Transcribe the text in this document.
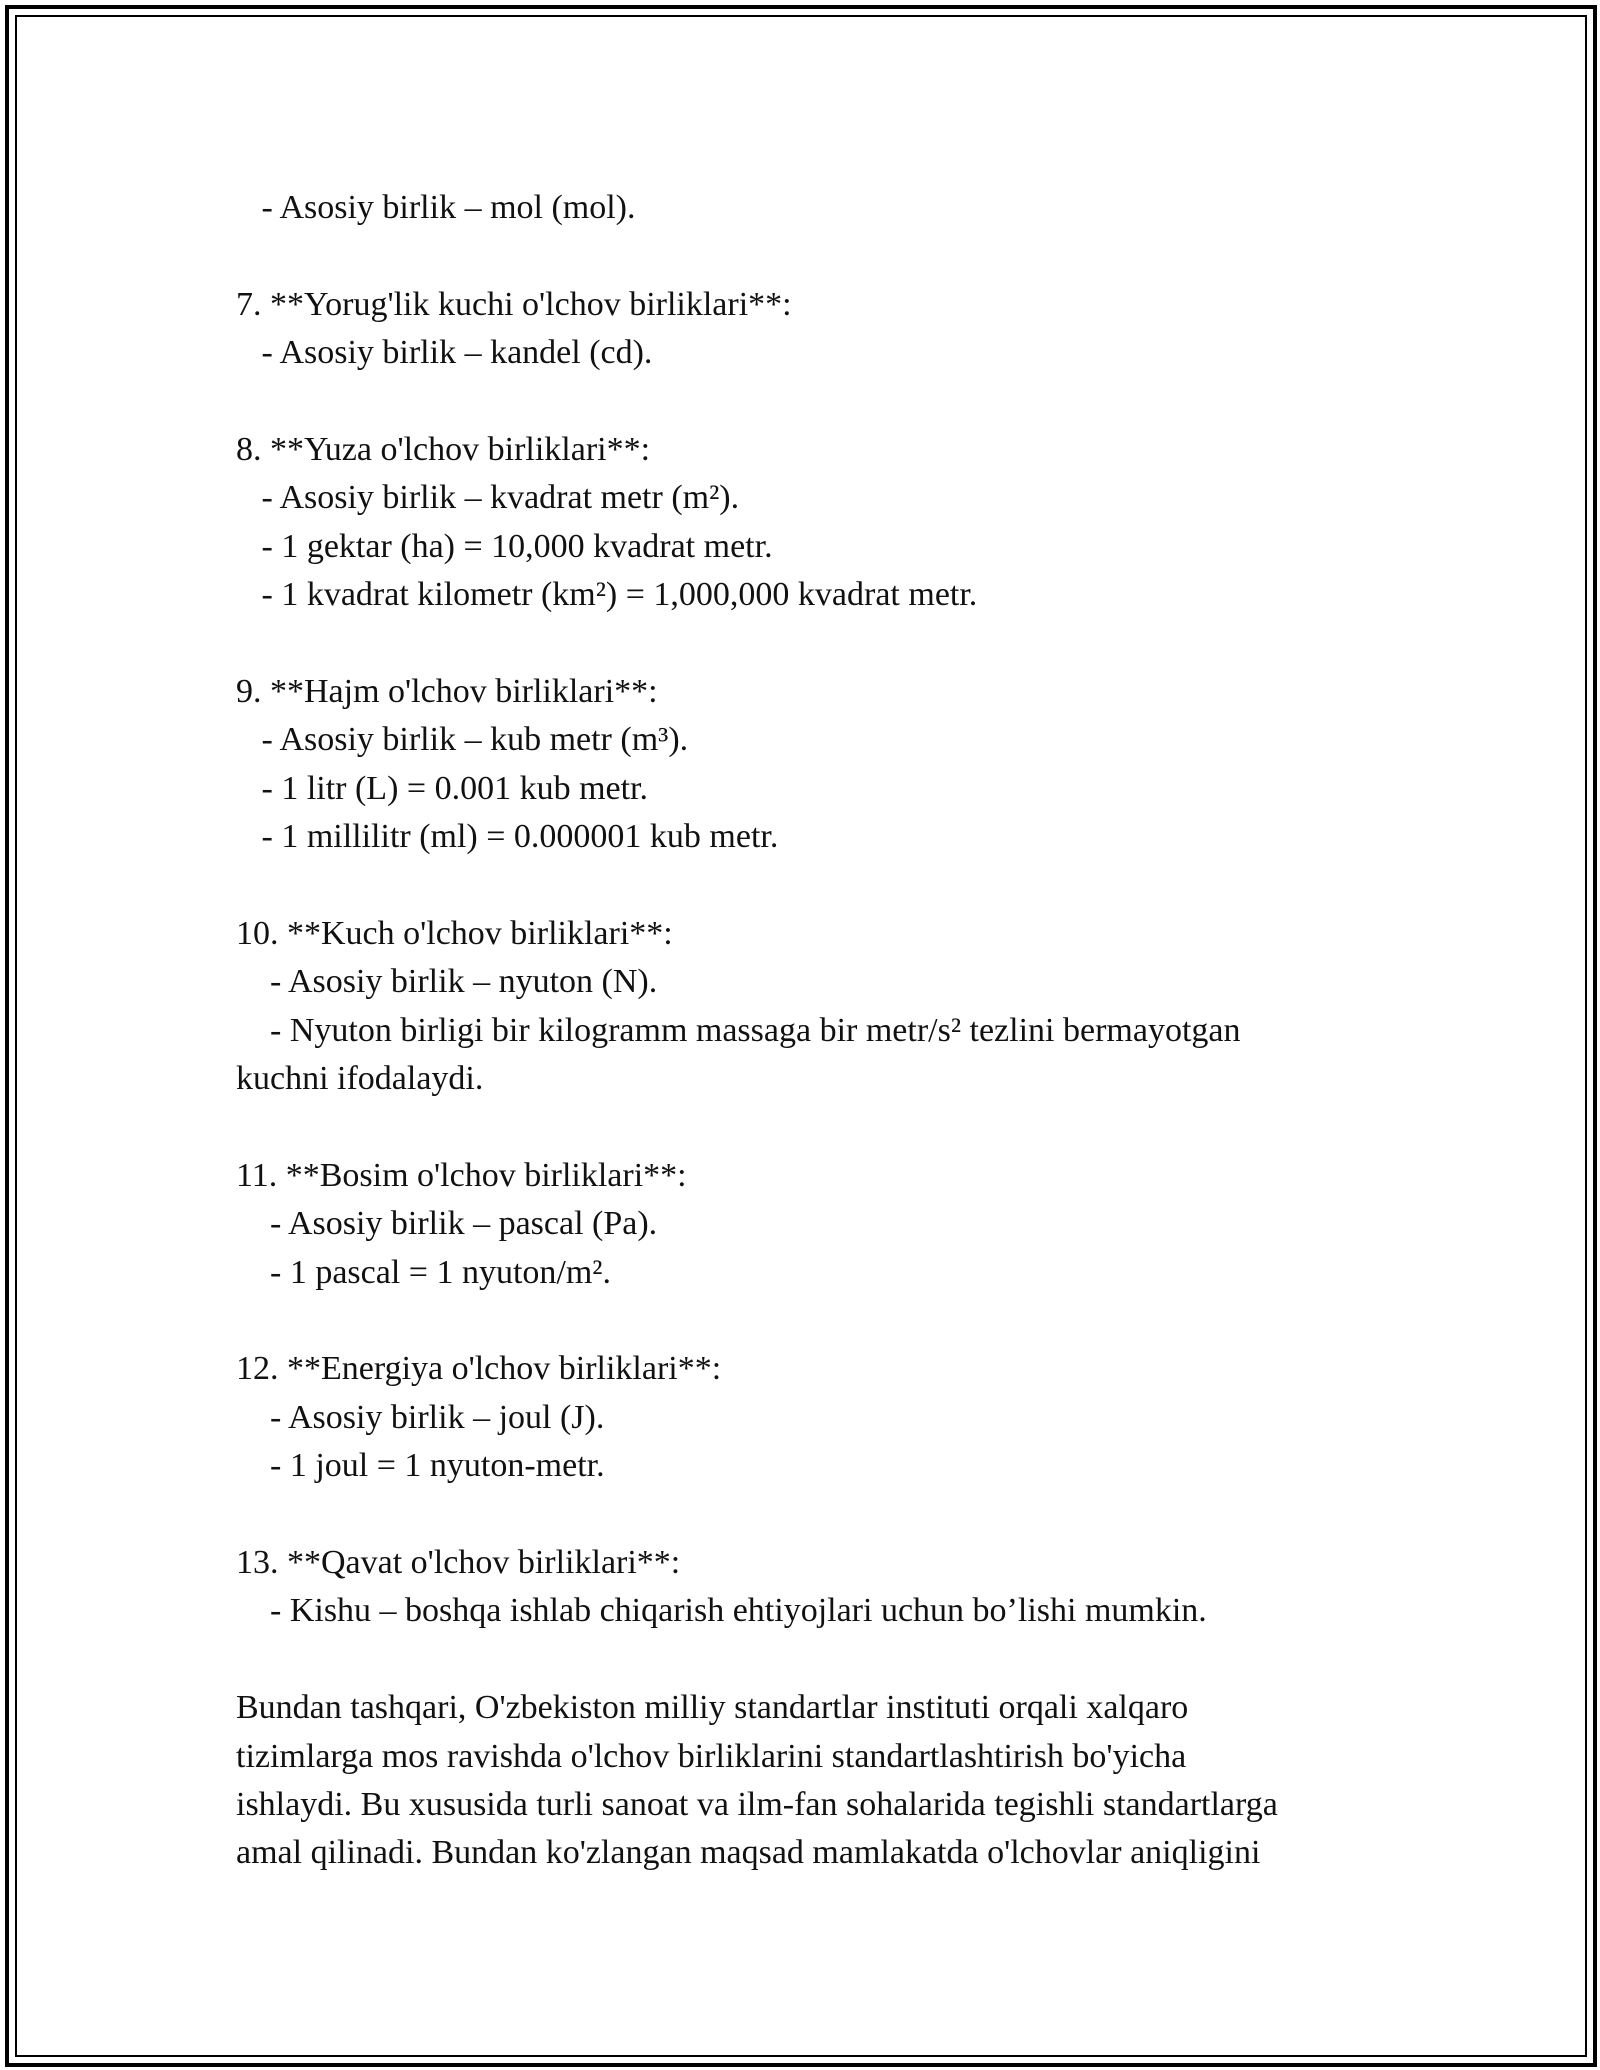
- Asosiy birlik – mol (mol).
7. **Yorug'lik kuchi o'lchov birliklari**:
- Asosiy birlik – kandel (cd).
8. **Yuza o'lchov birliklari**:
- Asosiy birlik – kvadrat metr (m²).
- 1 gektar (ha) = 10,000 kvadrat metr.
- 1 kvadrat kilometr (km²) = 1,000,000 kvadrat metr.
9. **Hajm o'lchov birliklari**:
- Asosiy birlik – kub metr (m³).
- 1 litr (L) = 0.001 kub metr.
- 1 millilitr (ml) = 0.000001 kub metr.
10. **Kuch o'lchov birliklari**:
- Asosiy birlik – nyuton (N).
- Nyuton birligi bir kilogramm massaga bir metr/s² tezlini bermayotgan
kuchni ifodalaydi.
11. **Bosim o'lchov birliklari**:
- Asosiy birlik – pascal (Pa).
- 1 pascal = 1 nyuton/m².
12. **Energiya o'lchov birliklari**:
- Asosiy birlik – joul (J).
- 1 joul = 1 nyuton-metr.
13. **Qavat o'lchov birliklari**:
- Kishu – boshqa ishlab chiqarish ehtiyojlari uchun bo’lishi mumkin.
Bundan tashqari, O'zbekiston milliy standartlar instituti orqali xalqaro
tizimlarga mos ravishda o'lchov birliklarini standartlashtirish bo'yicha
ishlaydi. Bu xususida turli sanoat va ilm-fan sohalarida tegishli standartlarga
amal qilinadi. Bundan ko'zlangan maqsad mamlakatda o'lchovlar aniqligini
